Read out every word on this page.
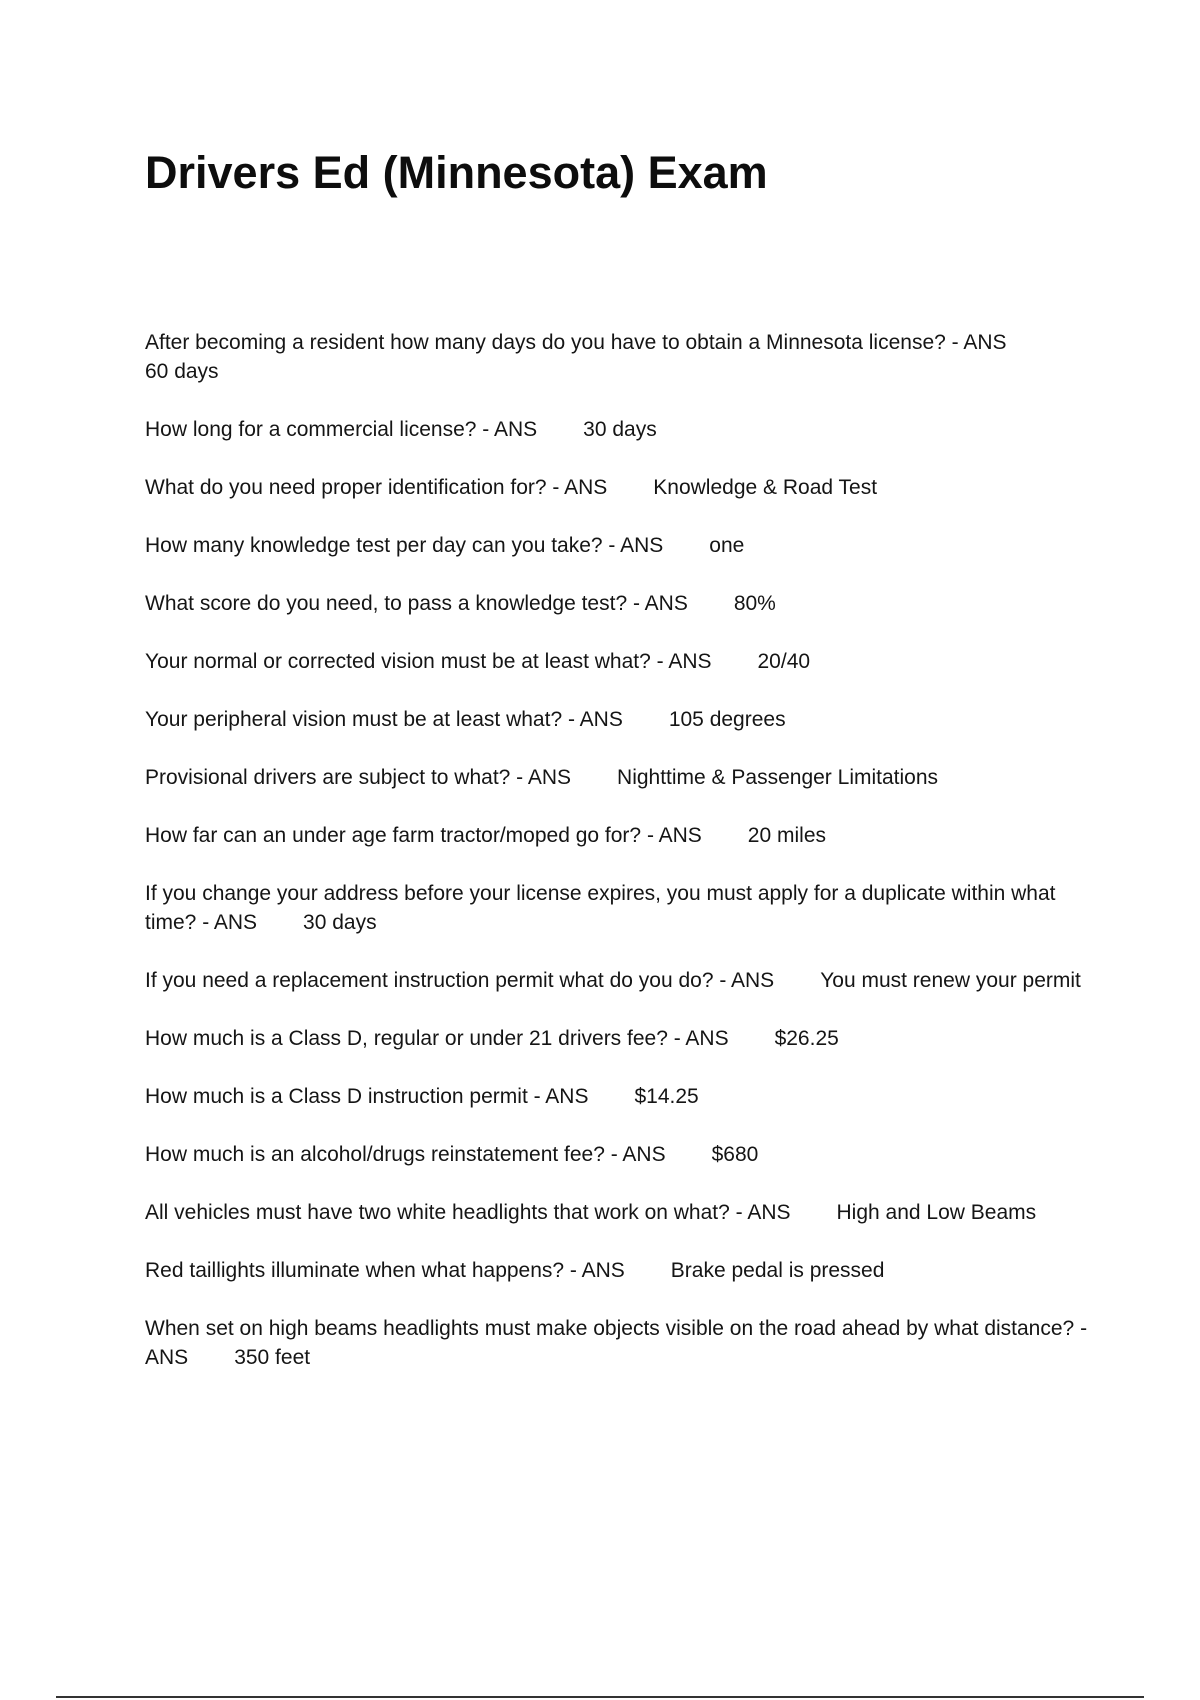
Drivers Ed (Minnesota) Exam
After becoming a resident how many days do you have to obtain a Minnesota license? - ANS
60 days
How long for a commercial license? - ANS 30 days
What do you need proper identification for? - ANS Knowledge & Road Test
How many knowledge test per day can you take? - ANS one
What score do you need, to pass a knowledge test? - ANS 80%
Your normal or corrected vision must be at least what? - ANS 20/40
Your peripheral vision must be at least what? - ANS 105 degrees
Provisional drivers are subject to what? - ANS Nighttime & Passenger Limitations
How far can an under age farm tractor/moped go for? - ANS 20 miles
If you change your address before your license expires, you must apply for a duplicate within what time? - ANS 30 days
If you need a replacement instruction permit what do you do? - ANS You must renew your permit
How much is a Class D, regular or under 21 drivers fee? - ANS $26.25
How much is a Class D instruction permit - ANS $14.25
How much is an alcohol/drugs reinstatement fee? - ANS $680
All vehicles must have two white headlights that work on what? - ANS High and Low Beams
Red taillights illuminate when what happens? - ANS Brake pedal is pressed
When set on high beams headlights must make objects visible on the road ahead by what distance? - ANS 350 feet
